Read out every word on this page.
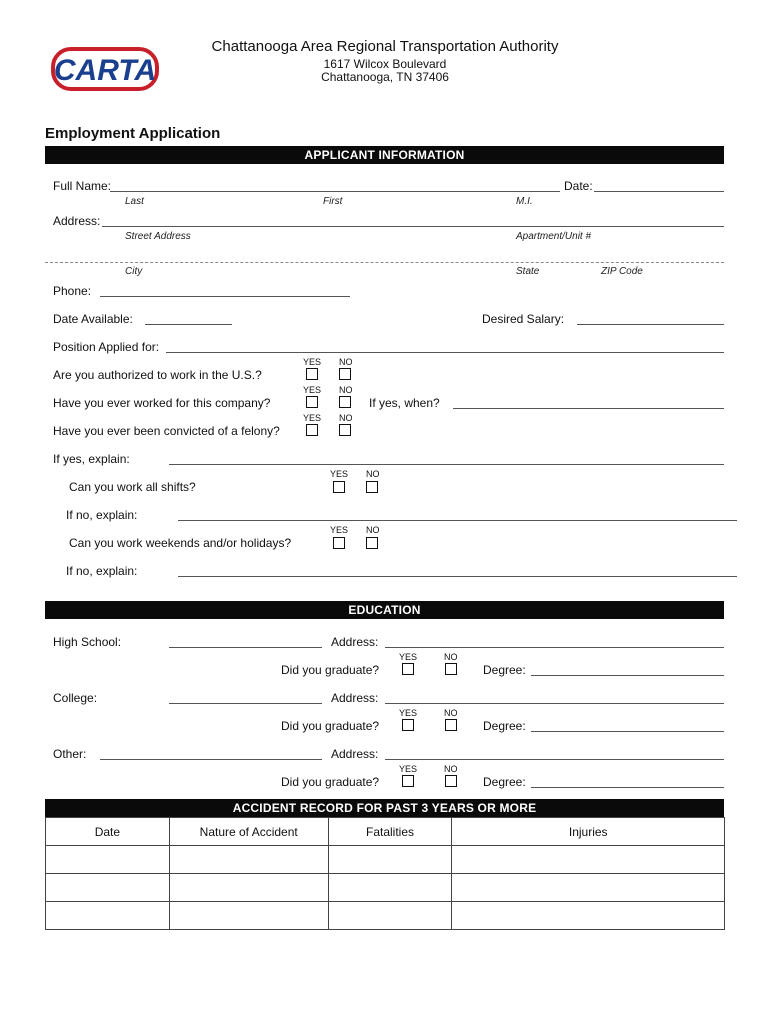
CARTA
Chattanooga Area Regional Transportation Authority
1617 Wilcox Boulevard
Chattanooga, TN 37406
Employment Application
APPLICANT INFORMATION
Full Name:	Date:
Last	First	M.I.
Address:
Street Address	Apartment/Unit #
City	State	ZIP Code
Phone:
Date Available:	Desired Salary:
Position Applied for:
YES NO
Are you authorized to work in the U.S.?
YES NO
Have you ever worked for this company?	If yes, when?
YES NO
Have you ever been convicted of a felony?
If yes, explain:
YES NO
Can you work all shifts?
If no, explain:
YES NO
Can you work weekends and/or holidays?
If no, explain:
EDUCATION
High School:	Address:
YES	NO
Did you graduate?	Degree:
College:	Address:
YES	NO
Did you graduate?	Degree:
Other:	Address:
YES	NO
Did you graduate?	Degree:
ACCIDENT RECORD FOR PAST 3 YEARS OR MORE
Date	Nature of Accident	Fatalities	Injuries
